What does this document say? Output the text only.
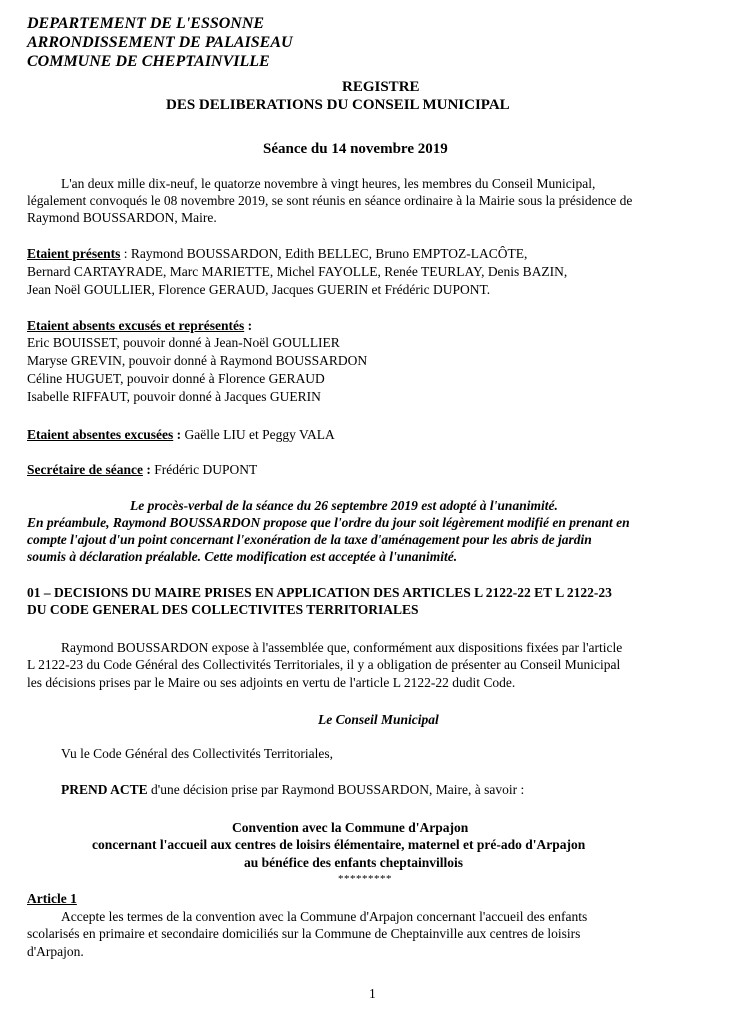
DEPARTEMENT DE L'ESSONNE
ARRONDISSEMENT DE PALAISEAU
COMMUNE DE CHEPTAINVILLE
REGISTRE
DES DELIBERATIONS DU CONSEIL MUNICIPAL
Séance du 14 novembre 2019
L'an deux mille dix-neuf, le quatorze novembre à vingt heures, les membres du Conseil Municipal,
légalement convoqués le 08 novembre 2019, se sont réunis en séance ordinaire à la Mairie sous la présidence de
Raymond BOUSSARDON, Maire.
Etaient présents : Raymond BOUSSARDON, Edith BELLEC, Bruno EMPTOZ-LACÔTE,
Bernard CARTAYRADE, Marc MARIETTE, Michel FAYOLLE, Renée TEURLAY, Denis BAZIN,
Jean Noël GOULLIER, Florence GERAUD, Jacques GUERIN et Frédéric DUPONT.
Etaient absents excusés et représentés :
Eric BOUISSET, pouvoir donné à Jean-Noël GOULLIER
Maryse GREVIN, pouvoir donné à Raymond BOUSSARDON
Céline HUGUET, pouvoir donné à Florence GERAUD
Isabelle RIFFAUT, pouvoir donné à Jacques GUERIN
Etaient absentes excusées : Gaëlle LIU et Peggy VALA
Secrétaire de séance : Frédéric DUPONT
Le procès-verbal de la séance du 26 septembre 2019 est adopté à l'unanimité.
En préambule, Raymond BOUSSARDON propose que l'ordre du jour soit légèrement modifié en prenant en
compte l'ajout d'un point concernant l'exonération de la taxe d'aménagement pour les abris de jardin
soumis à déclaration préalable. Cette modification est acceptée à l'unanimité.
01 – DECISIONS DU MAIRE PRISES EN APPLICATION DES ARTICLES L 2122-22 ET L 2122-23
DU CODE GENERAL DES COLLECTIVITES TERRITORIALES
Raymond BOUSSARDON expose à l'assemblée que, conformément aux dispositions fixées par l'article
L 2122-23 du Code Général des Collectivités Territoriales, il y a obligation de présenter au Conseil Municipal
les décisions prises par le Maire ou ses adjoints en vertu de l'article L 2122-22 dudit Code.
Le Conseil Municipal
Vu le Code Général des Collectivités Territoriales,
PREND ACTE d'une décision prise par Raymond BOUSSARDON, Maire, à savoir :
Convention avec la Commune d'Arpajon
concernant l'accueil aux centres de loisirs élémentaire, maternel et pré-ado d'Arpajon
au bénéfice des enfants cheptainvillois
*********
Article 1
Accepte les termes de la convention avec la Commune d'Arpajon concernant l'accueil des enfants
scolarisés en primaire et secondaire domiciliés sur la Commune de Cheptainville aux centres de loisirs
d'Arpajon.
1
